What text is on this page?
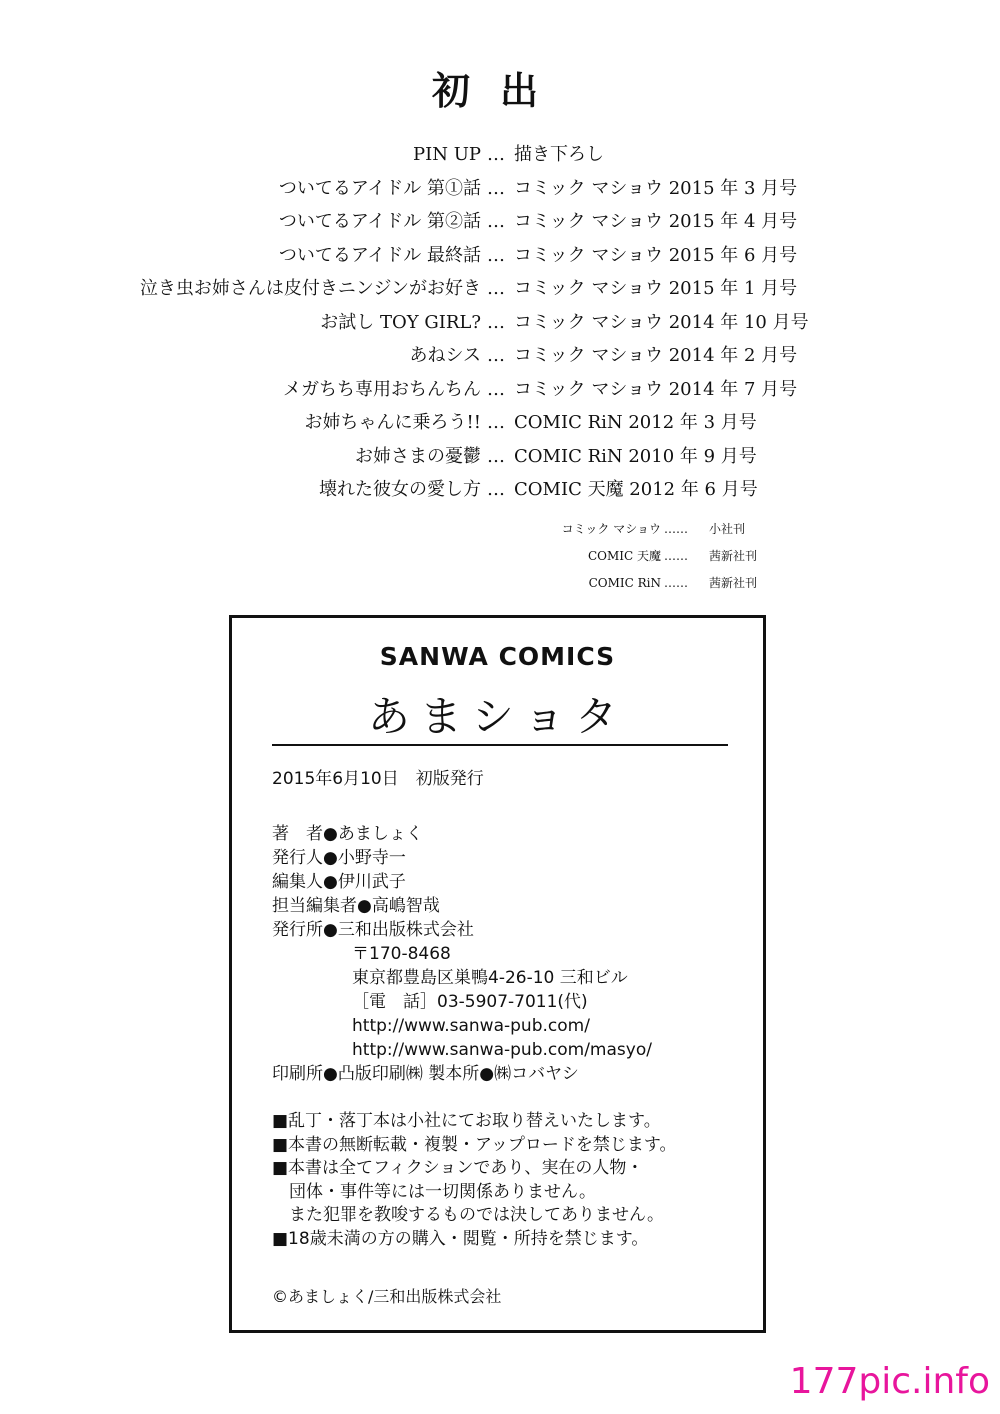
初出
PIN UP … 描き下ろし
ついてるアイドル 第①話 … コミック マショウ 2015 年 3 月号
ついてるアイドル 第②話 … コミック マショウ 2015 年 4 月号
ついてるアイドル 最終話 … コミック マショウ 2015 年 6 月号
泣き虫お姉さんは皮付きニンジンがお好き … コミック マショウ 2015 年 1 月号
お試し TOY GIRL? … コミック マショウ 2014 年 10 月号
あねシス … コミック マショウ 2014 年 2 月号
メガちち専用おちんちん … コミック マショウ 2014 年 7 月号
お姉ちゃんに乗ろう!! … COMIC RiN 2012 年 3 月号
お姉さまの憂鬱 … COMIC RiN 2010 年 9 月号
壊れた彼女の愛し方 … COMIC 天魔 2012 年 6 月号
コミック マショウ …… 小社刊
COMIC 天魔 …… 茜新社刊
COMIC RiN …… 茜新社刊
SANWA COMICS
あまショタ
2015年6月10日　初版発行
著　者●あましょく
発行人●小野寺一
編集人●伊川武子
担当編集者●高嶋智哉
発行所●三和出版株式会社
〒170-8468
東京都豊島区巣鴨4-26-10 三和ビル
［電　話］03-5907-7011(代)
http://www.sanwa-pub.com/
http://www.sanwa-pub.com/masyo/
印刷所●凸版印刷㈱ 製本所●㈱コバヤシ
■乱丁・落丁本は小社にてお取り替えいたします。
■本書の無断転載・複製・アップロードを禁じます。
■本書は全てフィクションであり、実在の人物・
　団体・事件等には一切関係ありません。
　また犯罪を教唆するものでは決してありません。
■18歳未満の方の購入・閲覧・所持を禁じます。
©あましょく/三和出版株式会社
177pic.info
